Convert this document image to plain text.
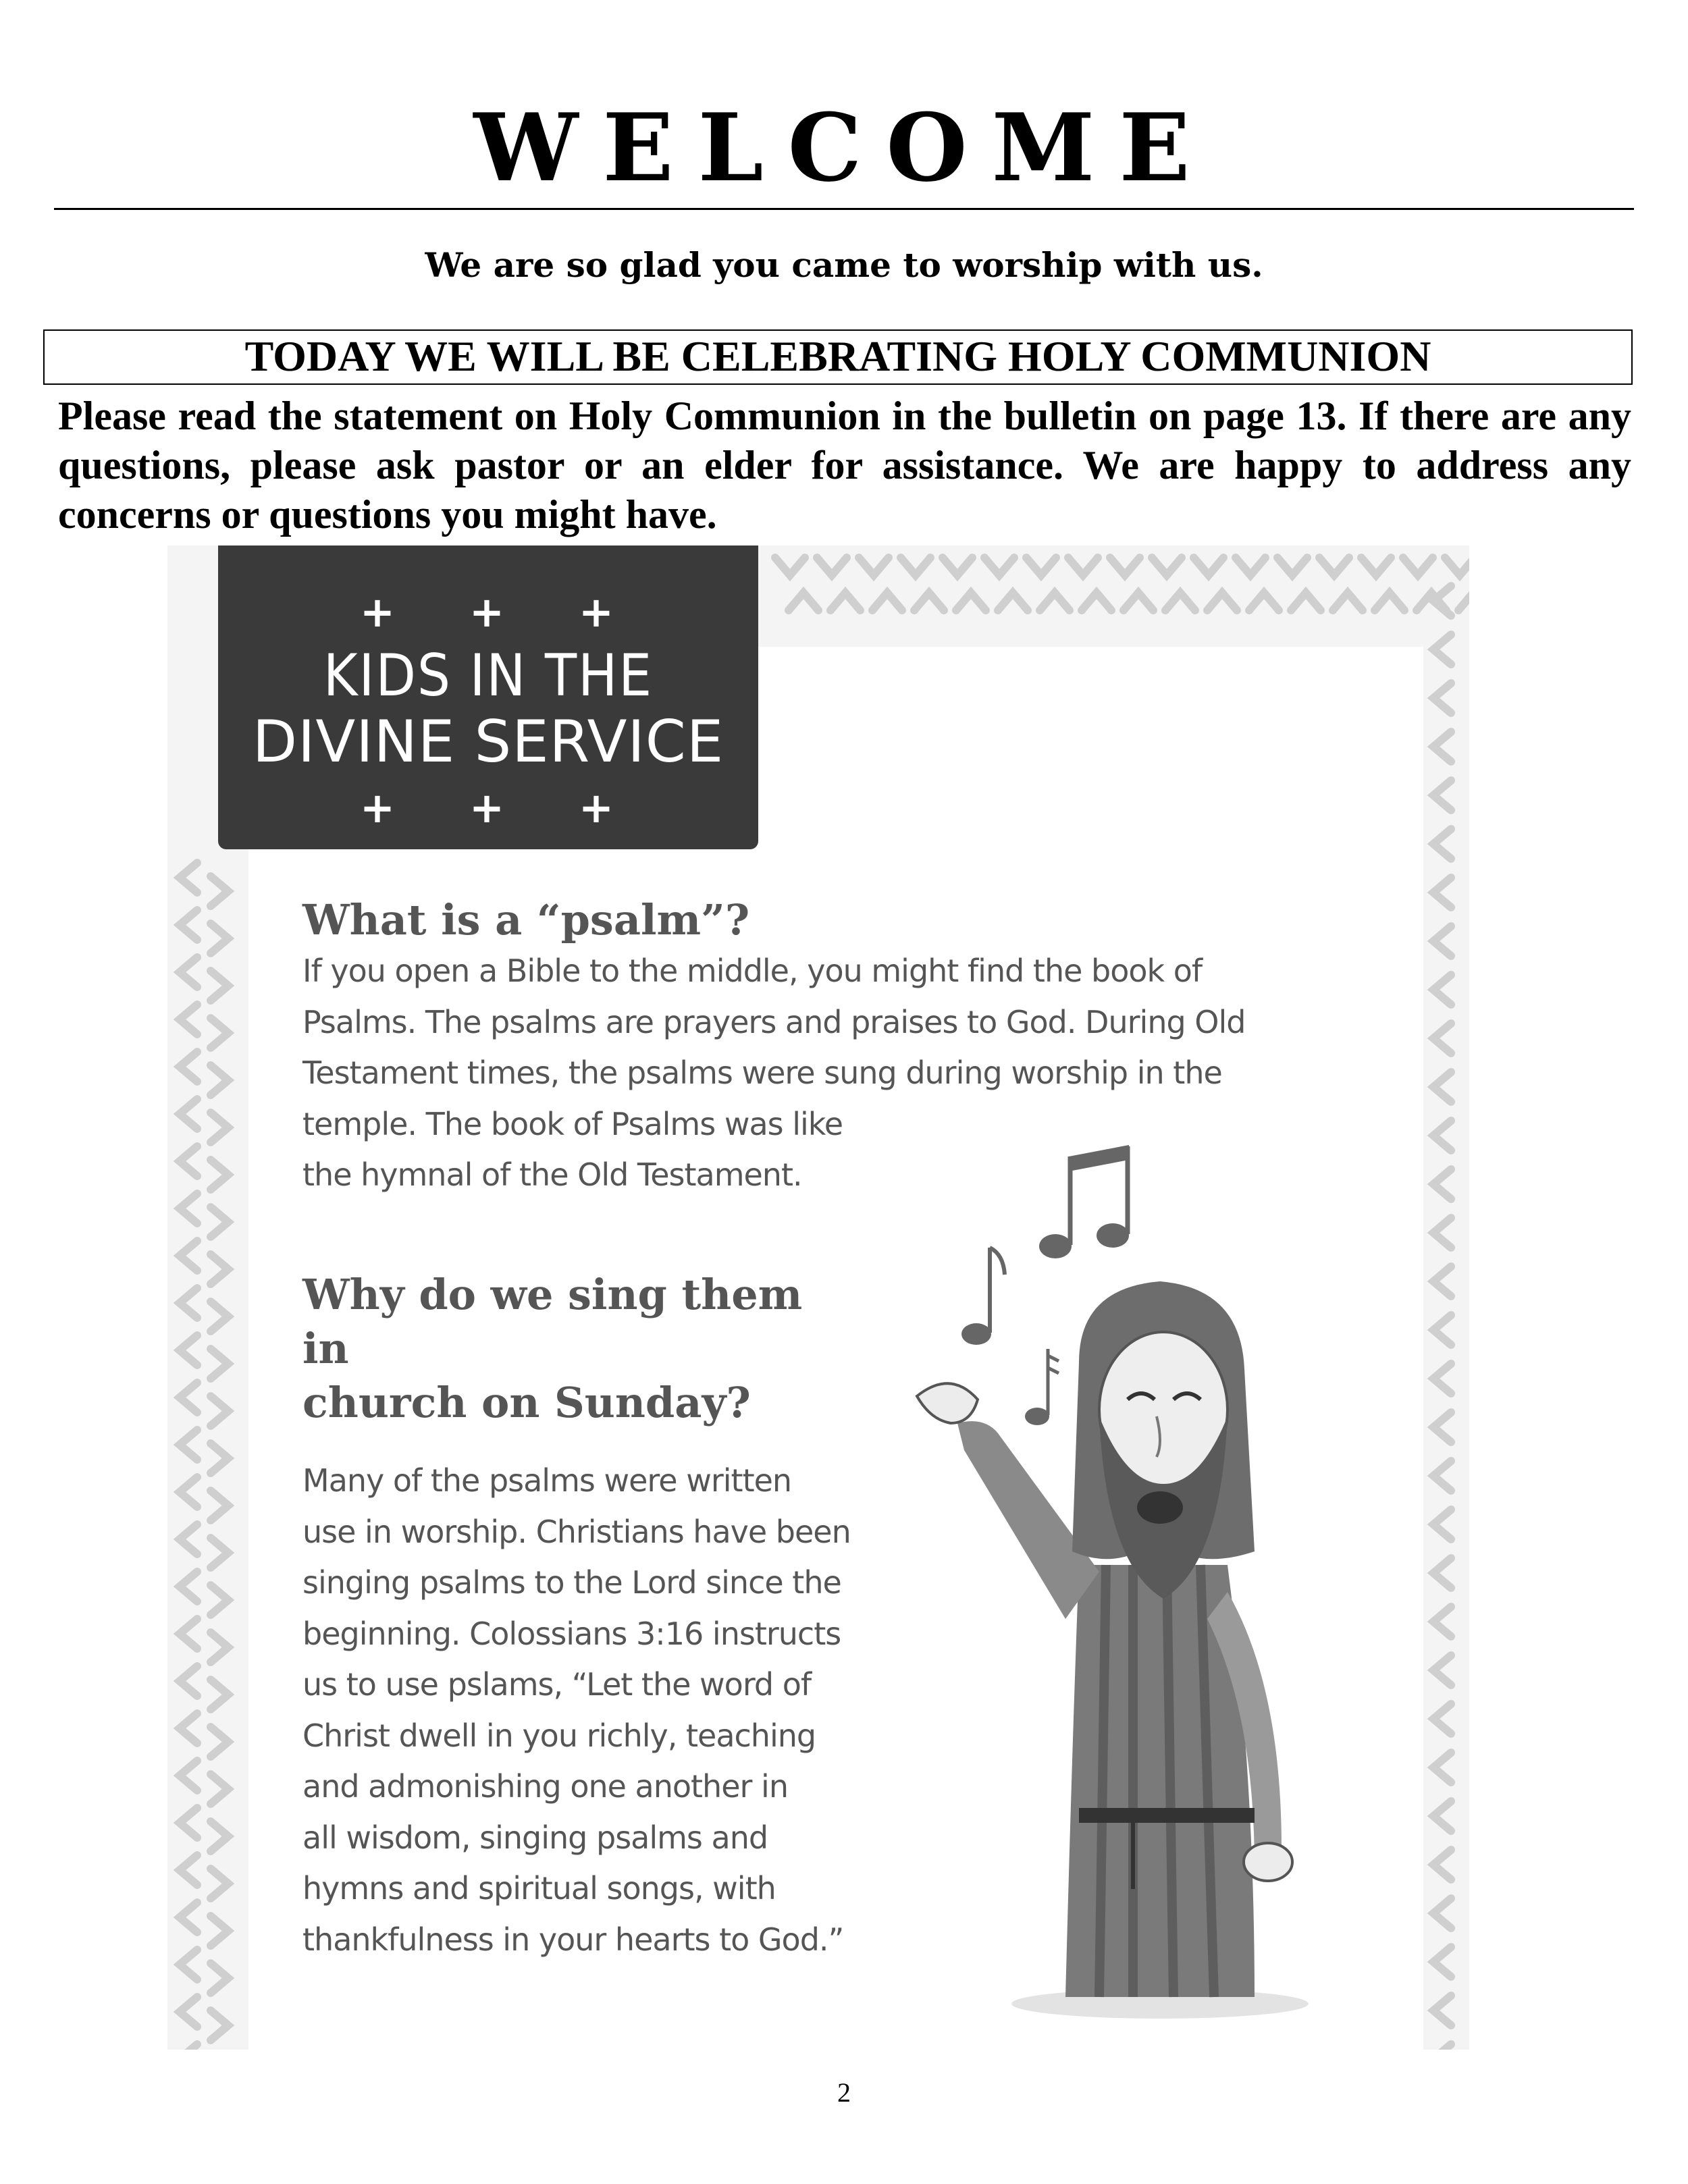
WELCOME
We are so glad you came to worship with us.
TODAY WE WILL BE CELEBRATING HOLY COMMUNION
Please read the statement on Holy Communion in the bulletin on page 13. If there are any questions, please ask pastor or an elder for assistance. We are happy to address any concerns or questions you might have.
+ + +
KIDS IN THE
DIVINE SERVICE
+ + +
What is a “psalm”?
If you open a Bible to the middle, you might find the book of
Psalms. The psalms are prayers and praises to God. During Old
Testament times, the psalms were sung during worship in the
temple. The book of Psalms was like
the hymnal of the Old Testament.
Why do we sing them
in
church on Sunday?
Many of the psalms were written
use in worship. Christians have been
singing psalms to the Lord since the
beginning. Colossians 3:16 instructs
us to use pslams, “Let the word of
Christ dwell in you richly, teaching
and admonishing one another in
all wisdom, singing psalms and
hymns and spiritual songs, with
thankfulness in your hearts to God.”
2
